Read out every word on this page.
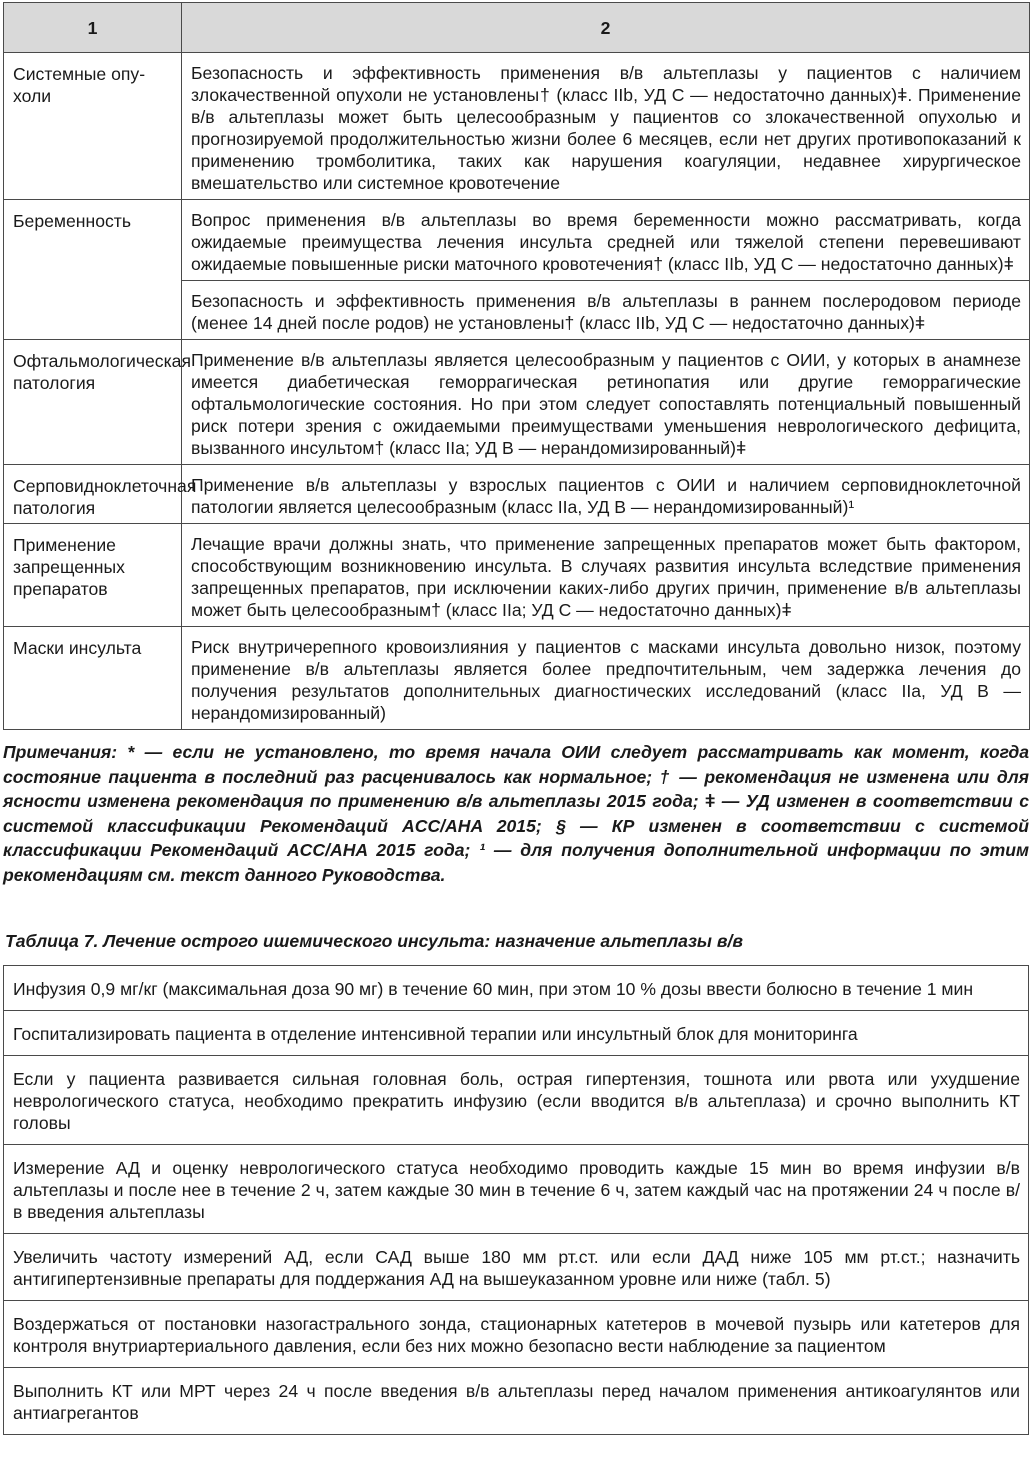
1	2
Системные опу-холи	Безопасность и эффективность применения в/в альтеплазы у пациентов с наличием злокачественной опухоли не установлены† (класс IIb, УД С — недостаточно данных)ǂ. Применение в/в альтеплазы может быть целесообразным у пациентов со злокачественной опухолью и прогнозируемой продолжительностью жизни более 6 месяцев, если нет других противопоказаний к применению тромболитика, таких как нарушения коагуляции, недавнее хирургическое вмешательство или системное кровотечение
Беременность	Вопрос применения в/в альтеплазы во время беременности можно рассматривать, когда ожидаемые преимущества лечения инсульта средней или тяжелой степени перевешивают ожидаемые повышенные риски маточного кровотечения† (класс IIb, УД С — недостаточно данных)ǂ
	Безопасность и эффективность применения в/в альтеплазы в раннем послеродовом периоде (менее 14 дней после родов) не установлены† (класс IIb, УД С — недостаточно данных)ǂ
Офтальмологическая патология	Применение в/в альтеплазы является целесообразным у пациентов с ОИИ, у которых в анамнезе имеется диабетическая геморрагическая ретинопатия или другие геморрагические офтальмологические состояния. Но при этом следует сопоставлять потенциальный повышенный риск потери зрения с ожидаемыми преимуществами уменьшения неврологического дефицита, вызванного инсультом† (класс IIa; УД В — нерандомизированный)ǂ
Серповидноклеточная патология	Применение в/в альтеплазы у взрослых пациентов с ОИИ и наличием серповидноклеточной патологии является целесообразным (класс IIa, УД В — нерандомизированный)¹
Применение запрещенных препаратов	Лечащие врачи должны знать, что применение запрещенных препаратов может быть фактором, способствующим возникновению инсульта. В случаях развития инсульта вследствие применения запрещенных препаратов, при исключении каких-либо других причин, применение в/в альтеплазы может быть целесообразным† (класс IIa; УД С — недостаточно данных)ǂ
Маски инсульта	Риск внутричерепного кровоизлияния у пациентов с масками инсульта довольно низок, поэтому применение в/в альтеплазы является более предпочтительным, чем задержка лечения до получения результатов дополнительных диагностических исследований (класс IIa, УД В — нерандомизированный)
Примечания: * — если не установлено, то время начала ОИИ следует рассматривать как момент, когда состояние пациента в последний раз расценивалось как нормальное; † — рекомендация не изменена или для ясности изменена рекомендация по применению в/в альтеплазы 2015 года; ǂ — УД изменен в соответствии с системой классификации Рекомендаций ACC/AHA 2015; § — КР изменен в соответствии с системой классификации Рекомендаций ACC/AHA 2015 года; ¹ — для получения дополнительной информации по этим рекомендациям см. текст данного Руководства.
Таблица 7. Лечение острого ишемического инсульта: назначение альтеплазы в/в
Инфузия 0,9 мг/кг (максимальная доза 90 мг) в течение 60 мин, при этом 10 % дозы ввести болюсно в течение 1 мин
Госпитализировать пациента в отделение интенсивной терапии или инсультный блок для мониторинга
Если у пациента развивается сильная головная боль, острая гипертензия, тошнота или рвота или ухудшение неврологического статуса, необходимо прекратить инфузию (если вводится в/в альтеплаза) и срочно выполнить КТ головы
Измерение АД и оценку неврологического статуса необходимо проводить каждые 15 мин во время инфузии в/в альтеплазы и после нее в течение 2 ч, затем каждые 30 мин в течение 6 ч, затем каждый час на протяжении 24 ч после в/в введения альтеплазы
Увеличить частоту измерений АД, если САД выше 180 мм рт.ст. или если ДАД ниже 105 мм рт.ст.; назначить антигипертензивные препараты для поддержания АД на вышеуказанном уровне или ниже (табл. 5)
Воздержаться от постановки назогастрального зонда, стационарных катетеров в мочевой пузырь или катетеров для контроля внутриартериального давления, если без них можно безопасно вести наблюдение за пациентом
Выполнить КТ или МРТ через 24 ч после введения в/в альтеплазы перед началом применения антикоагулянтов или антиагрегантов
